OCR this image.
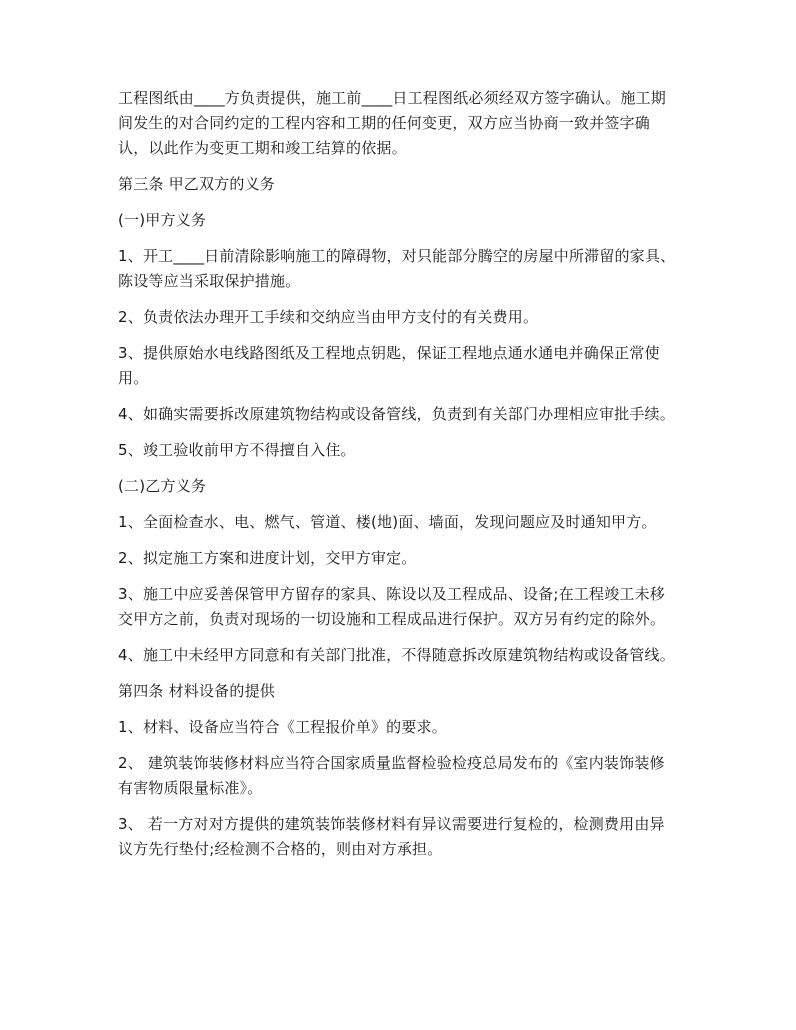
工程图纸由____方负责提供，施工前____日工程图纸必须经双方签字确认。施工期间发生的对合同约定的工程内容和工期的任何变更，双方应当协商一致并签字确认，以此作为变更工期和竣工结算的依据。

第三条 甲乙双方的义务

(一)甲方义务

1、开工____日前清除影响施工的障碍物，对只能部分腾空的房屋中所滞留的家具、陈设等应当采取保护措施。

2、负责依法办理开工手续和交纳应当由甲方支付的有关费用。

3、提供原始水电线路图纸及工程地点钥匙，保证工程地点通水通电并确保正常使用。

4、如确实需要拆改原建筑物结构或设备管线，负责到有关部门办理相应审批手续。

5、竣工验收前甲方不得擅自入住。

(二)乙方义务

1、全面检查水、电、燃气、管道、楼(地)面、墙面，发现问题应及时通知甲方。

2、拟定施工方案和进度计划，交甲方审定。

3、施工中应妥善保管甲方留存的家具、陈设以及工程成品、设备;在工程竣工未移交甲方之前，负责对现场的一切设施和工程成品进行保护。双方另有约定的除外。

4、施工中未经甲方同意和有关部门批准，不得随意拆改原建筑物结构或设备管线。

第四条 材料设备的提供

1、材料、设备应当符合《工程报价单》的要求。

2、 建筑装饰装修材料应当符合国家质量监督检验检疫总局发布的《室内装饰装修有害物质限量标准》。

3、 若一方对对方提供的建筑装饰装修材料有异议需要进行复检的，检测费用由异议方先行垫付;经检测不合格的，则由对方承担。
